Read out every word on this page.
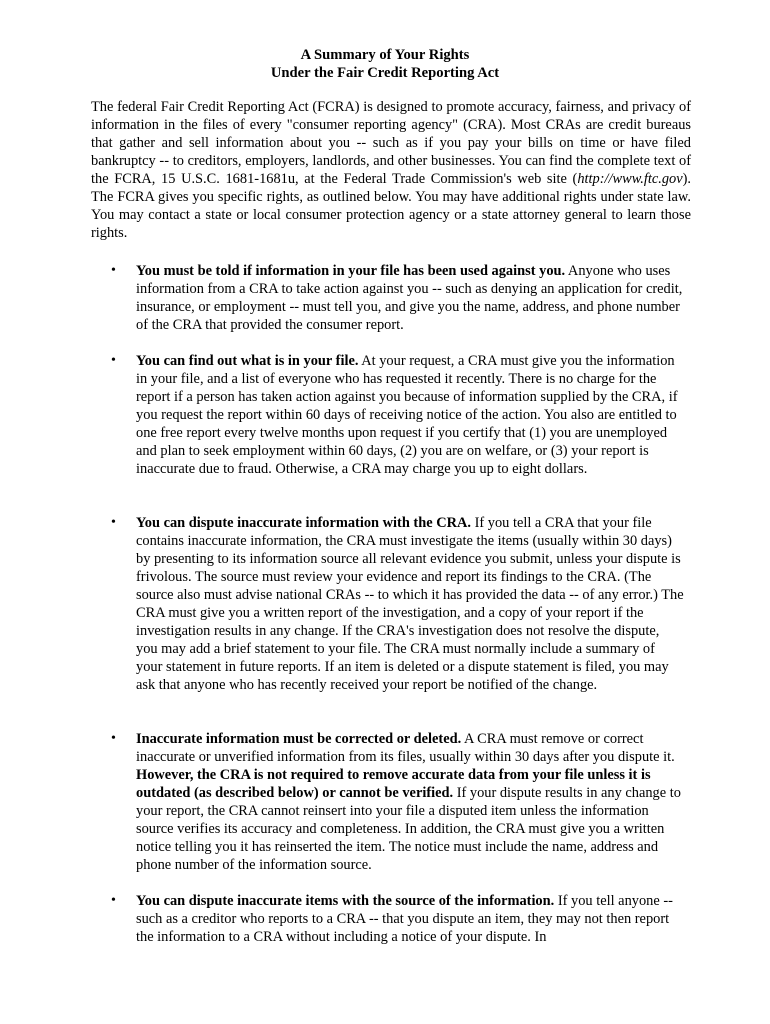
A Summary of Your Rights
Under the Fair Credit Reporting Act
The federal Fair Credit Reporting Act (FCRA) is designed to promote accuracy, fairness, and privacy of information in the files of every "consumer reporting agency" (CRA). Most CRAs are credit bureaus that gather and sell information about you -- such as if you pay your bills on time or have filed bankruptcy -- to creditors, employers, landlords, and other businesses. You can find the complete text of the FCRA, 15 U.S.C. 1681-1681u, at the Federal Trade Commission's web site (http://www.ftc.gov). The FCRA gives you specific rights, as outlined below. You may have additional rights under state law. You may contact a state or local consumer protection agency or a state attorney general to learn those rights.
• You must be told if information in your file has been used against you. Anyone who uses information from a CRA to take action against you -- such as denying an application for credit, insurance, or employment -- must tell you, and give you the name, address, and phone number of the CRA that provided the consumer report.
• You can find out what is in your file. At your request, a CRA must give you the information in your file, and a list of everyone who has requested it recently. There is no charge for the report if a person has taken action against you because of information supplied by the CRA, if you request the report within 60 days of receiving notice of the action. You also are entitled to one free report every twelve months upon request if you certify that (1) you are unemployed and plan to seek employment within 60 days, (2) you are on welfare, or (3) your report is inaccurate due to fraud. Otherwise, a CRA may charge you up to eight dollars.
• You can dispute inaccurate information with the CRA. If you tell a CRA that your file contains inaccurate information, the CRA must investigate the items (usually within 30 days) by presenting to its information source all relevant evidence you submit, unless your dispute is frivolous. The source must review your evidence and report its findings to the CRA. (The source also must advise national CRAs -- to which it has provided the data -- of any error.) The CRA must give you a written report of the investigation, and a copy of your report if the investigation results in any change. If the CRA's investigation does not resolve the dispute, you may add a brief statement to your file. The CRA must normally include a summary of your statement in future reports. If an item is deleted or a dispute statement is filed, you may ask that anyone who has recently received your report be notified of the change.
• Inaccurate information must be corrected or deleted. A CRA must remove or correct inaccurate or unverified information from its files, usually within 30 days after you dispute it. However, the CRA is not required to remove accurate data from your file unless it is outdated (as described below) or cannot be verified. If your dispute results in any change to your report, the CRA cannot reinsert into your file a disputed item unless the information source verifies its accuracy and completeness. In addition, the CRA must give you a written notice telling you it has reinserted the item. The notice must include the name, address and phone number of the information source.
• You can dispute inaccurate items with the source of the information. If you tell anyone -- such as a creditor who reports to a CRA -- that you dispute an item, they may not then report the information to a CRA without including a notice of your dispute. In
